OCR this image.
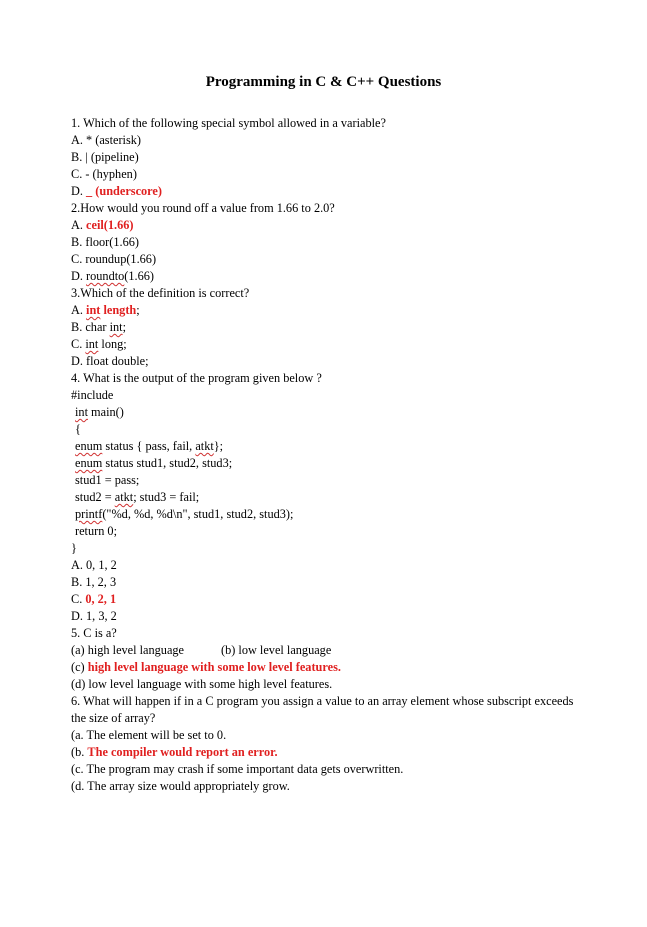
Programming in C & C++ Questions
1. Which of the following special symbol allowed in a variable?
A. * (asterisk)
B. | (pipeline)
C. - (hyphen)
D. _ (underscore)
2.How would you round off a value from 1.66 to 2.0?
A. ceil(1.66)
B. floor(1.66)
C. roundup(1.66)
D. roundto(1.66)
3.Which of the definition is correct?
A. int length;
B. char int;
C. int long;
D. float double;
4. What is the output of the program given below ?
#include
int main()
{
enum status { pass, fail, atkt};
enum status stud1, stud2, stud3;
stud1 = pass;
stud2 = atkt; stud3 = fail;
printf("%d, %d, %d\n", stud1, stud2, stud3);
return 0;
}
A. 0, 1, 2
B. 1, 2, 3
C. 0, 2, 1
D. 1, 3, 2
5. C is a?
(a) high level language	(b) low level language
(c) high level language with some low level features.
(d) low level language with some high level features.
6. What will happen if in a C program you assign a value to an array element whose subscript exceeds the size of array?
(a. The element will be set to 0.
(b. The compiler would report an error.
(c. The program may crash if some important data gets overwritten.
(d. The array size would appropriately grow.
